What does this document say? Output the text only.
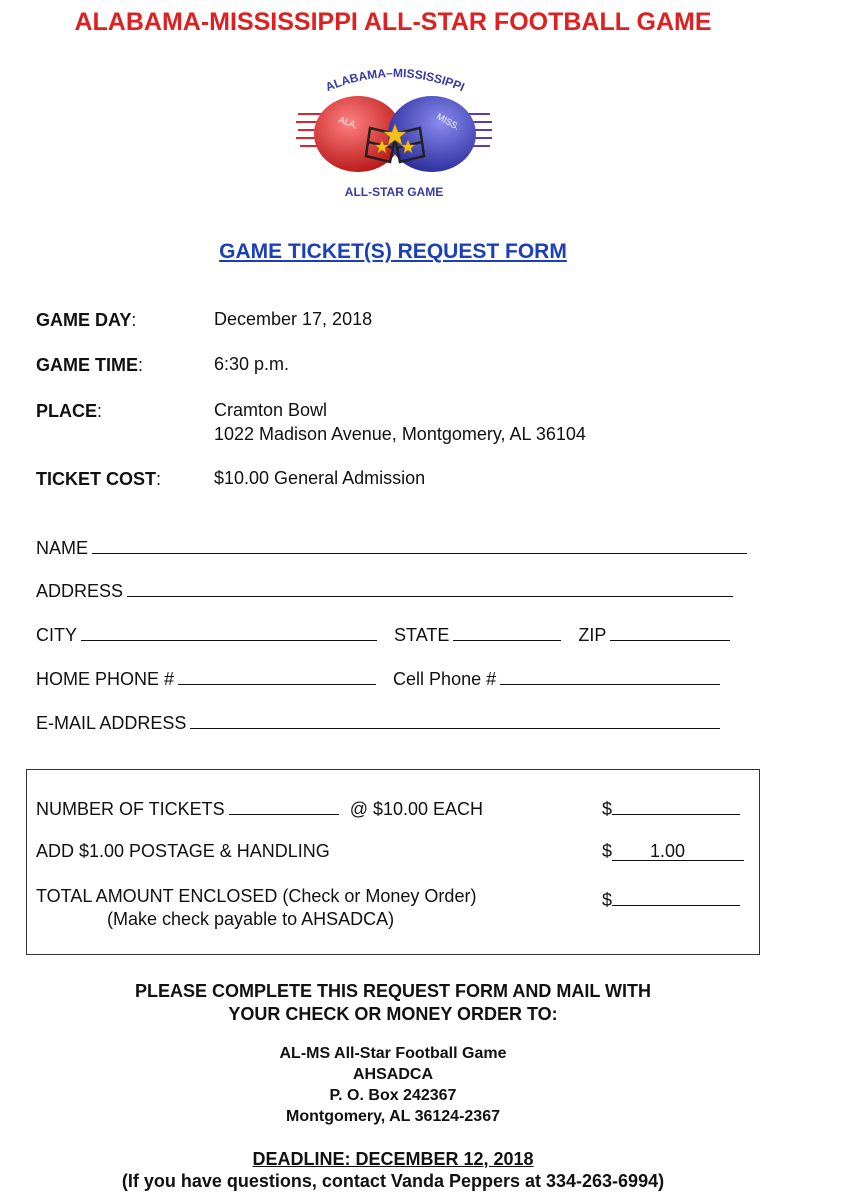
ALABAMA-MISSISSIPPI ALL-STAR FOOTBALL GAME
ALABAMA–MISSISSIPPI
ALA.	MISS.
ALL-STAR GAME
GAME TICKET(S) REQUEST FORM
GAME DAY:	December 17, 2018
GAME TIME:	6:30 p.m.
PLACE:	Cramton Bowl
1022 Madison Avenue, Montgomery, AL 36104
TICKET COST:	$10.00 General Admission
NAME
ADDRESS
CITY	STATE	ZIP
HOME PHONE #	Cell Phone #
E-MAIL ADDRESS
NUMBER OF TICKETS	@ $10.00 EACH	$
ADD $1.00 POSTAGE & HANDLING	$ 1.00
TOTAL AMOUNT ENCLOSED (Check or Money Order)
(Make check payable to AHSADCA)
$
PLEASE COMPLETE THIS REQUEST FORM AND MAIL WITH
YOUR CHECK OR MONEY ORDER TO:
AL-MS All-Star Football Game
AHSADCA
P. O. Box 242367
Montgomery, AL 36124-2367
DEADLINE: DECEMBER 12, 2018
(If you have questions, contact Vanda Peppers at 334-263-6994)
